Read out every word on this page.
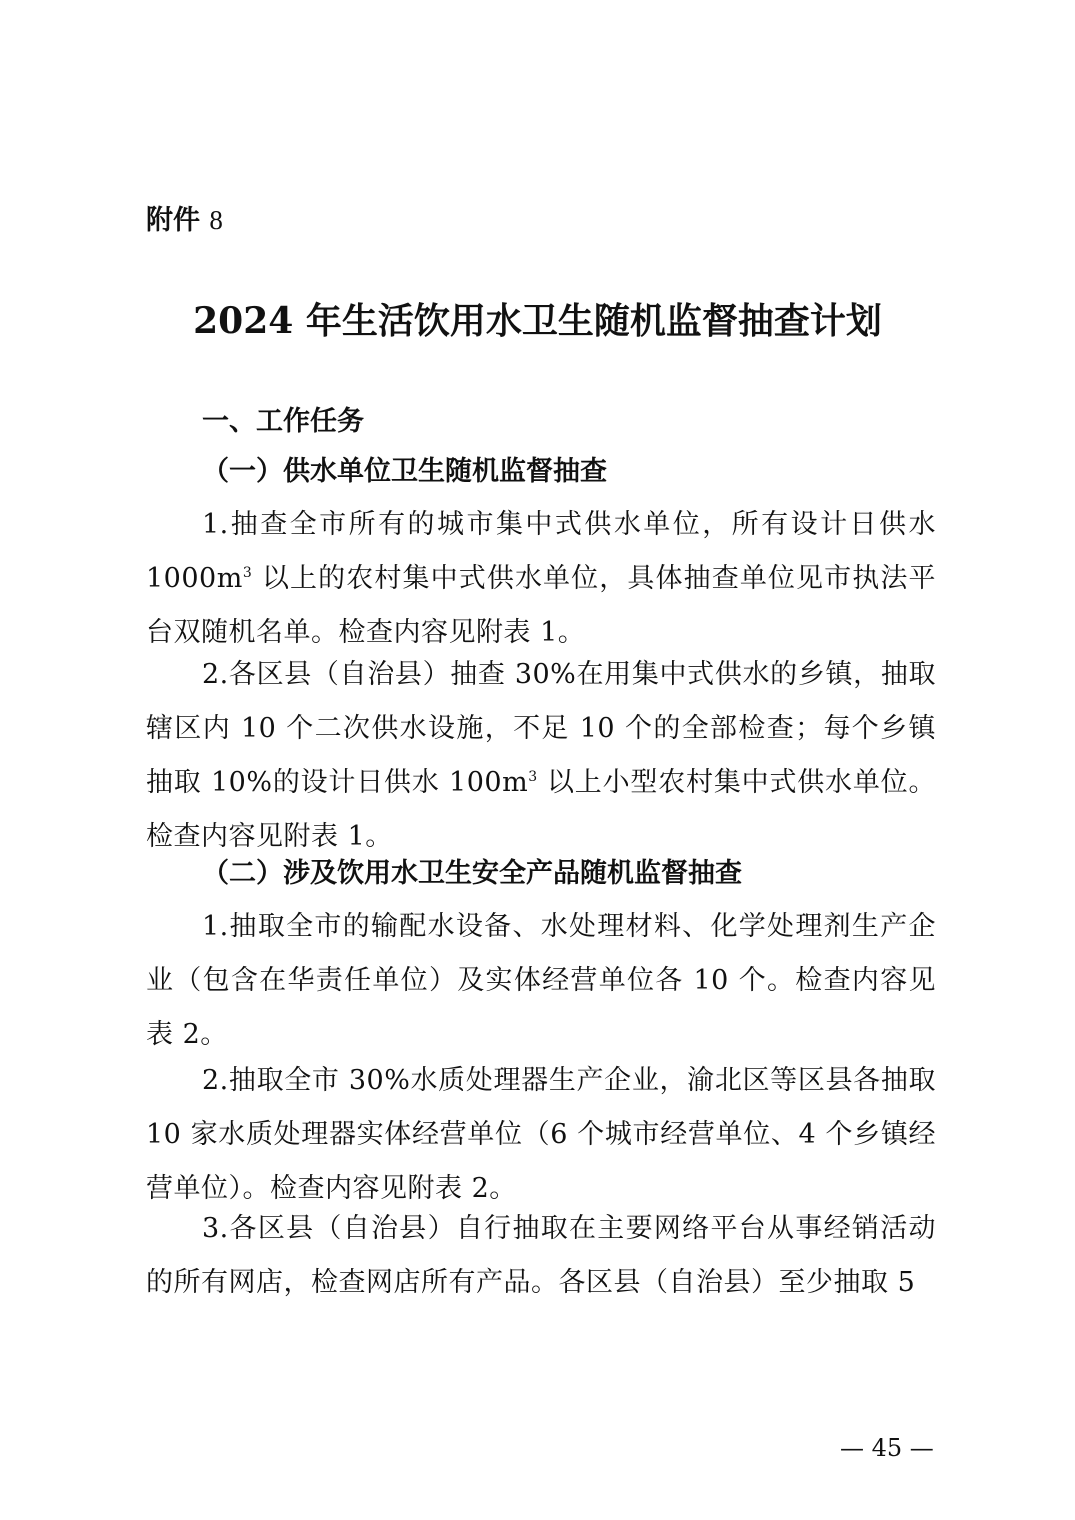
附件 8

2024 年生活饮用水卫生随机监督抽查计划
一、工作任务
（一）供水单位卫生随机监督抽查

1.抽查全市所有的城市集中式供水单位，所有设计日供水 $1000m^3$ 以上的农村集中式供水单位，具体抽查单位见市执法平台双随机名单。检查内容见附表 1。

2.各区县（自治县）抽查 30%在用集中式供水的乡镇，抽取辖区内 10 个二次供水设施，不足 10 个的全部检查；每个乡镇抽取 10%的设计日供水 $100m^3$ 以上小型农村集中式供水单位。检查内容见附表 1。

（二）涉及饮用水卫生安全产品随机监督抽查

1.抽取全市的输配水设备、水处理材料、化学处理剂生产企业（包含在华责任单位）及实体经营单位各 10 个。检查内容见表 2。

2.抽取全市 30%水质处理器生产企业，渝北区等区县各抽取 10 家水质处理器实体经营单位（6 个城市经营单位、4 个乡镇经营单位）。检查内容见附表 2。

3.各区县（自治县）自行抽取在主要网络平台从事经销活动的所有网店，检查网店所有产品。各区县（自治县）至少抽取 5

— 45 —
